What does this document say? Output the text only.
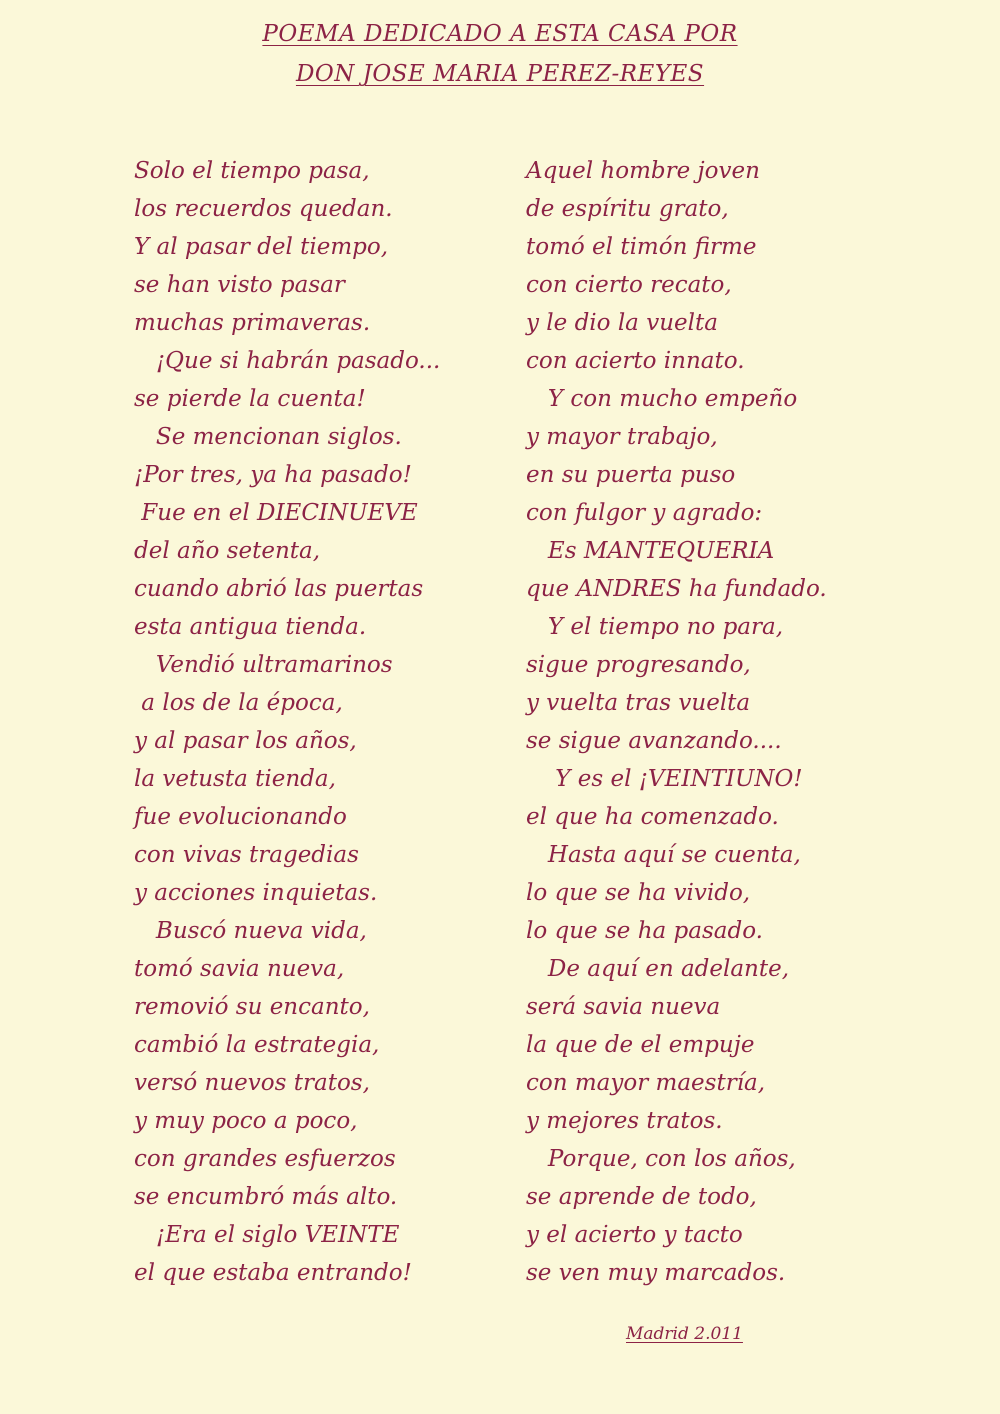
POEMA DEDICADO A ESTA CASA POR
DON JOSE MARIA PEREZ-REYES
Solo el tiempo pasa,
los recuerdos quedan.
Y al pasar del tiempo,
se han visto pasar
muchas primaveras.
¡Que si habrán pasado...
se pierde la cuenta!
Se mencionan siglos.
¡Por tres, ya ha pasado!
Fue en el DIECINUEVE
del año setenta,
cuando abrió las puertas
esta antigua tienda.
Vendió ultramarinos
a los de la época,
y al pasar los años,
la vetusta tienda,
fue evolucionando
con vivas tragedias
y acciones inquietas.
Buscó nueva vida,
tomó savia nueva,
removió su encanto,
cambió la estrategia,
versó nuevos tratos,
y muy poco a poco,
con grandes esfuerzos
se encumbró más alto.
¡Era el siglo VEINTE
el que estaba entrando!
Aquel hombre joven
de espíritu grato,
tomó el timón firme
con cierto recato,
y le dio la vuelta
con acierto innato.
Y con mucho empeño
y mayor trabajo,
en su puerta puso
con fulgor y agrado:
Es MANTEQUERIA
que ANDRES ha fundado.
Y el tiempo no para,
sigue progresando,
y vuelta tras vuelta
se sigue avanzando....
Y es el ¡VEINTIUNO!
el que ha comenzado.
Hasta aquí se cuenta,
lo que se ha vivido,
lo que se ha pasado.
De aquí en adelante,
será savia nueva
la que de el empuje
con mayor maestría,
y mejores tratos.
Porque, con los años,
se aprende de todo,
y el acierto y tacto
se ven muy marcados.
Madrid 2.011
